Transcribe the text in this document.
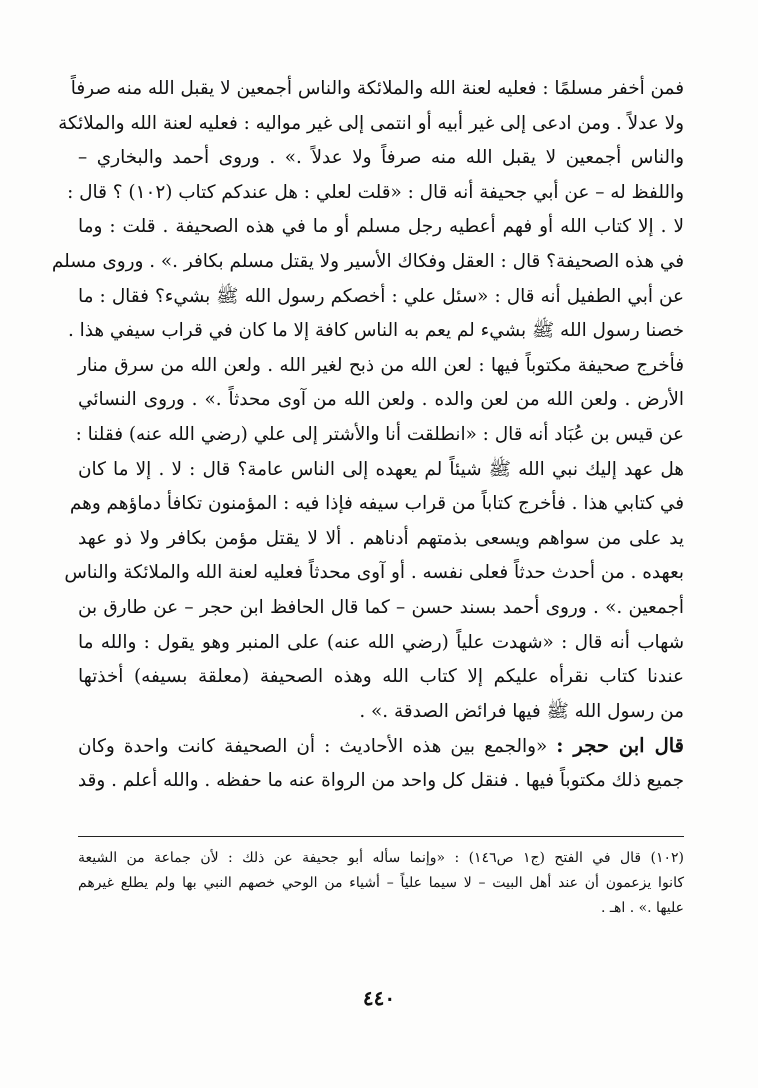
فمن أخفر مسلمًا : فعليه لعنة الله والملائكة والناس أجمعين لا يقبل الله منه صرفاً
ولا عدلاً . ومن ادعى إلى غير أبيه أو انتمى إلى غير مواليه : فعليه لعنة الله والملائكة
والناس أجمعين لا يقبل الله منه صرفاً ولا عدلاً .» . وروى أحمد والبخاري –
واللفظ له – عن أبي جحيفة أنه قال : «قلت لعلي : هل عندكم كتاب (١٠٢) ؟ قال :
لا . إلا كتاب الله أو فهم أعطيه رجل مسلم أو ما في هذه الصحيفة . قلت : وما
في هذه الصحيفة؟ قال : العقل وفكاك الأسير ولا يقتل مسلم بكافر .» . وروى مسلم
عن أبي الطفيل أنه قال : «سئل علي : أخصكم رسول الله ﷺ بشيء؟ فقال : ما
خصنا رسول الله ﷺ بشيء لم يعم به الناس كافة إلا ما كان في قراب سيفي هذا .
فأخرج صحيفة مكتوباً فيها : لعن الله من ذبح لغير الله . ولعن الله من سرق منار
الأرض . ولعن الله من لعن والده . ولعن الله من آوى محدثاً .» . وروى النسائي
عن قيس بن عُبَاد أنه قال : «انطلقت أنا والأشتر إلى علي (رضي الله عنه) فقلنا :
هل عهد إليك نبي الله ﷺ شيئاً لم يعهده إلى الناس عامة؟ قال : لا . إلا ما كان
في كتابي هذا . فأخرج كتاباً من قراب سيفه فإذا فيه : المؤمنون تكافأ دماؤهم وهم
يد على من سواهم ويسعى بذمتهم أدناهم . ألا لا يقتل مؤمن بكافر ولا ذو عهد
بعهده . من أحدث حدثاً فعلى نفسه . أو آوى محدثاً فعليه لعنة الله والملائكة والناس
أجمعين .» . وروى أحمد بسند حسن – كما قال الحافظ ابن حجر – عن طارق بن
شهاب أنه قال : «شهدت علياً (رضي الله عنه) على المنبر وهو يقول : والله ما
عندنا كتاب نقرأه عليكم إلا كتاب الله وهذه الصحيفة (معلقة بسيفه) أخذتها
من رسول الله ﷺ فيها فرائض الصدقة .» .
قال ابن حجر : «والجمع بين هذه الأحاديث : أن الصحيفة كانت واحدة وكان
جميع ذلك مكتوباً فيها . فنقل كل واحد من الرواة عنه ما حفظه . والله أعلم . وقد
(١٠٢) قال في الفتح (ج١ ص١٤٦) : «وإنما سأله أبو جحيفة عن ذلك : لأن جماعة من الشيعة
كانوا يزعمون أن عند أهل البيت – لا سيما علياً – أشياء من الوحي خصهم النبي بها ولم يطلع غيرهم
عليها .» . اهـ .
٤٤٠
